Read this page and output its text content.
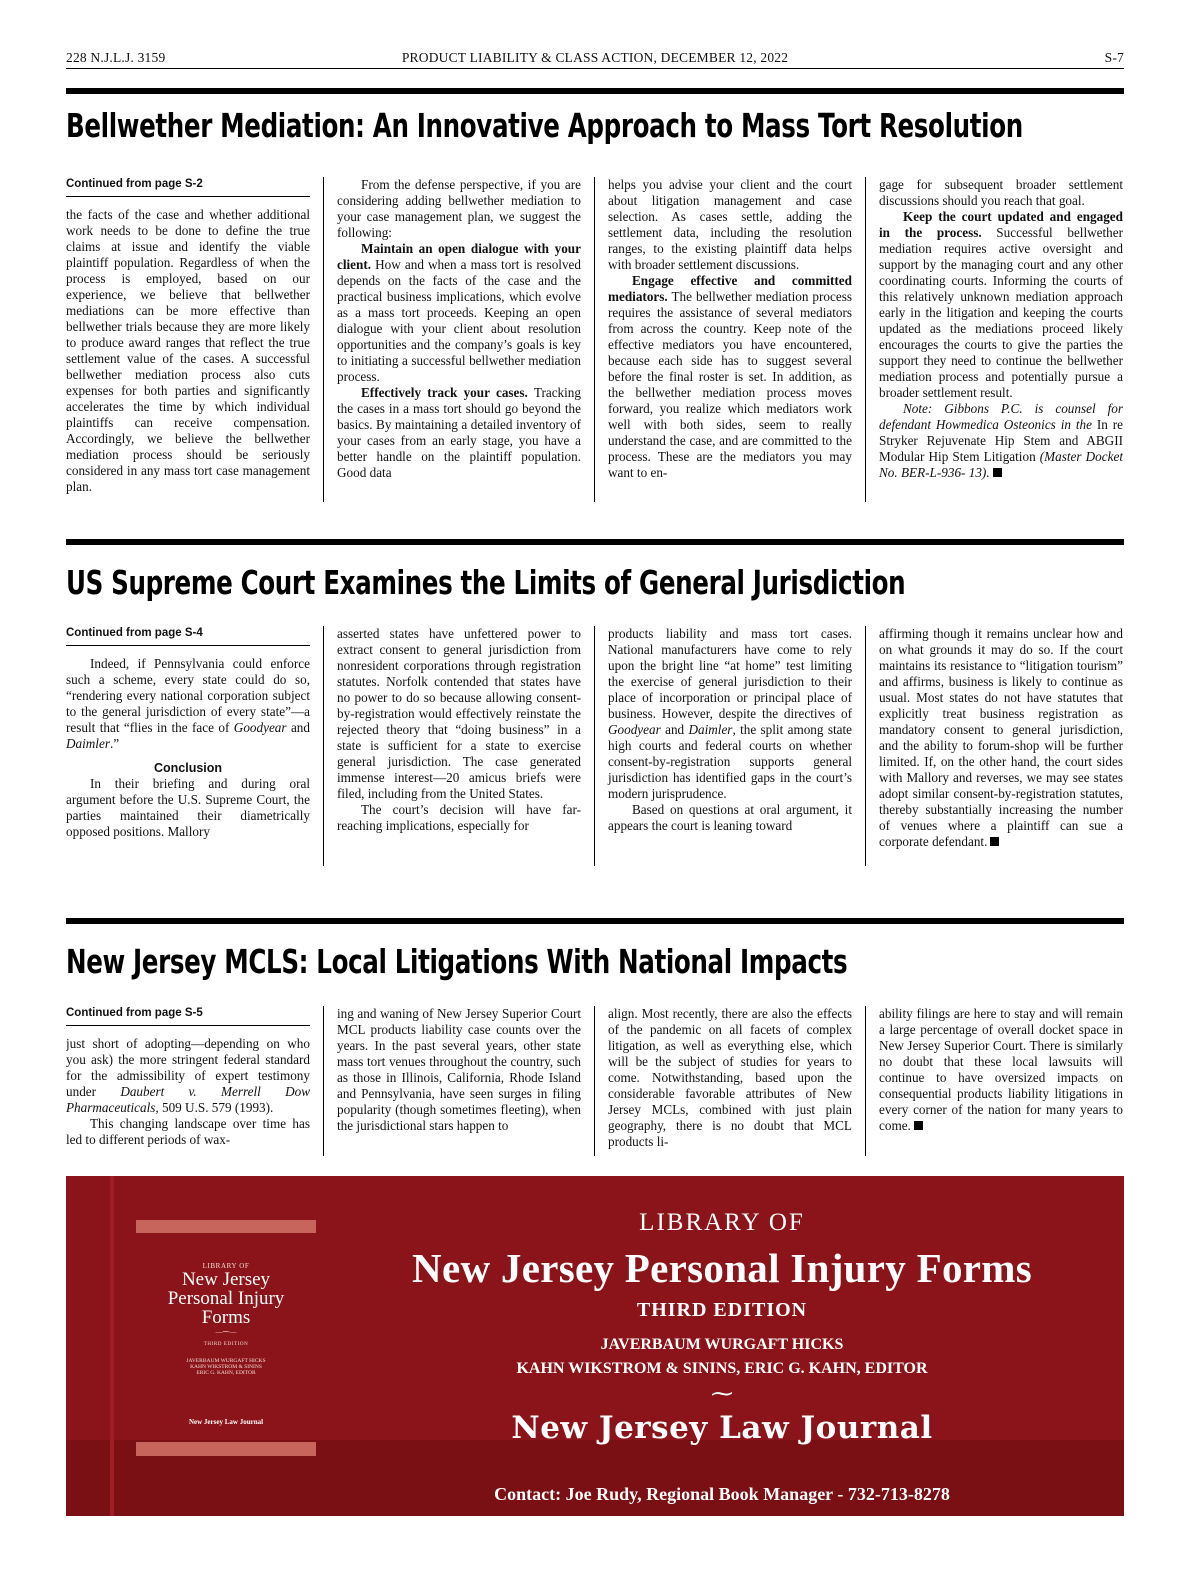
228 N.J.L.J. 3159	PRODUCT LIABILITY & CLASS ACTION, DECEMBER 12, 2022	S-7
Bellwether Mediation: An Innovative Approach to Mass Tort Resolution
Continued from page S-2

the facts of the case and whether additional work needs to be done to define the true claims at issue and identify the viable plaintiff population. Regardless of when the process is employed, based on our experience, we believe that bellwether mediations can be more effective than bellwether trials because they are more likely to produce award ranges that reflect the true settlement value of the cases. A successful bellwether mediation process also cuts expenses for both parties and significantly accelerates the time by which individual plaintiffs can receive compensation. Accordingly, we believe the bellwether mediation process should be seriously considered in any mass tort case management plan.

From the defense perspective, if you are considering adding bellwether mediation to your case management plan, we suggest the following:

Maintain an open dialogue with your client. How and when a mass tort is resolved depends on the facts of the case and the practical business implications, which evolve as a mass tort proceeds. Keeping an open dialogue with your client about resolution opportunities and the company’s goals is key to initiating a successful bellwether mediation process.

Effectively track your cases. Tracking the cases in a mass tort should go beyond the basics. By maintaining a detailed inventory of your cases from an early stage, you have a better handle on the plaintiff population. Good data

helps you advise your client and the court about litigation management and case selection. As cases settle, adding the settlement data, including the resolution ranges, to the existing plaintiff data helps with broader settlement discussions.

Engage effective and committed mediators. The bellwether mediation process requires the assistance of several mediators from across the country. Keep note of the effective mediators you have encountered, because each side has to suggest several before the final roster is set. In addition, as the bellwether mediation process moves forward, you realize which mediators work well with both sides, seem to really understand the case, and are committed to the process. These are the mediators you may want to en-

gage for subsequent broader settlement discussions should you reach that goal.

Keep the court updated and engaged in the process. Successful bellwether mediation requires active oversight and support by the managing court and any other coordinating courts. Informing the courts of this relatively unknown mediation approach early in the litigation and keeping the courts updated as the mediations proceed likely encourages the courts to give the parties the support they need to continue the bellwether mediation process and potentially pursue a broader settlement result.

Note: Gibbons P.C. is counsel for defendant Howmedica Osteonics in the In re Stryker Rejuvenate Hip Stem and ABGII Modular Hip Stem Litigation (Master Docket No. BER-L-936- 13).

US Supreme Court Examines the Limits of General Jurisdiction
Continued from page S-4

Indeed, if Pennsylvania could enforce such a scheme, every state could do so, “rendering every national corporation subject to the general jurisdiction of every state”—a result that “flies in the face of Goodyear and Daimler.”

Conclusion

In their briefing and during oral argument before the U.S. Supreme Court, the parties maintained their diametrically opposed positions. Mallory

asserted states have unfettered power to extract consent to general jurisdiction from nonresident corporations through registration statutes. Norfolk contended that states have no power to do so because allowing consent-by-registration would effectively reinstate the rejected theory that “doing business” in a state is sufficient for a state to exercise general jurisdiction. The case generated immense interest—20 amicus briefs were filed, including from the United States.

The court’s decision will have far-reaching implications, especially for

products liability and mass tort cases. National manufacturers have come to rely upon the bright line “at home” test limiting the exercise of general jurisdiction to their place of incorporation or principal place of business. However, despite the directives of Goodyear and Daimler, the split among state high courts and federal courts on whether consent-by-registration supports general jurisdiction has identified gaps in the court’s modern jurisprudence.

Based on questions at oral argument, it appears the court is leaning toward

affirming though it remains unclear how and on what grounds it may do so. If the court maintains its resistance to “litigation tourism” and affirms, business is likely to continue as usual. Most states do not have statutes that explicitly treat business registration as mandatory consent to general jurisdiction, and the ability to forum-shop will be further limited. If, on the other hand, the court sides with Mallory and reverses, we may see states adopt similar consent-by-registration statutes, thereby substantially increasing the number of venues where a plaintiff can sue a corporate defendant.

New Jersey MCLS: Local Litigations With National Impacts
Continued from page S-5

just short of adopting—depending on who you ask) the more stringent federal standard for the admissibility of expert testimony under Daubert v. Merrell Dow Pharmaceuticals, 509 U.S. 579 (1993).

This changing landscape over time has led to different periods of wax-

ing and waning of New Jersey Superior Court MCL products liability case counts over the years. In the past several years, other state mass tort venues throughout the country, such as those in Illinois, California, Rhode Island and Pennsylvania, have seen surges in filing popularity (though sometimes fleeting), when the jurisdictional stars happen to

align. Most recently, there are also the effects of the pandemic on all facets of complex litigation, as well as everything else, which will be the subject of studies for years to come. Notwithstanding, based upon the considerable favorable attributes of New Jersey MCLs, combined with just plain geography, there is no doubt that MCL products li-

ability filings are here to stay and will remain a large percentage of overall docket space in New Jersey Superior Court. There is similarly no doubt that these local lawsuits will continue to have oversized impacts on consequential products liability litigations in every corner of the nation for many years to come.

LIBRARY OF
New Jersey
Personal Injury
Forms
—⁓—
THIRD EDITION
JAVERBAUM WURGAFT HICKS
KAHN WIKSTROM & SININS
ERIC G. KAHN, EDITOR
New Jersey Law Journal
LIBRARY OF
New Jersey Personal Injury Forms
THIRD EDITION
JAVERBAUM WURGAFT HICKS
KAHN WIKSTROM & SININS, ERIC G. KAHN, EDITOR
⁓
New Jersey Law Journal
Contact: Joe Rudy, Regional Book Manager - 732-713-8278
